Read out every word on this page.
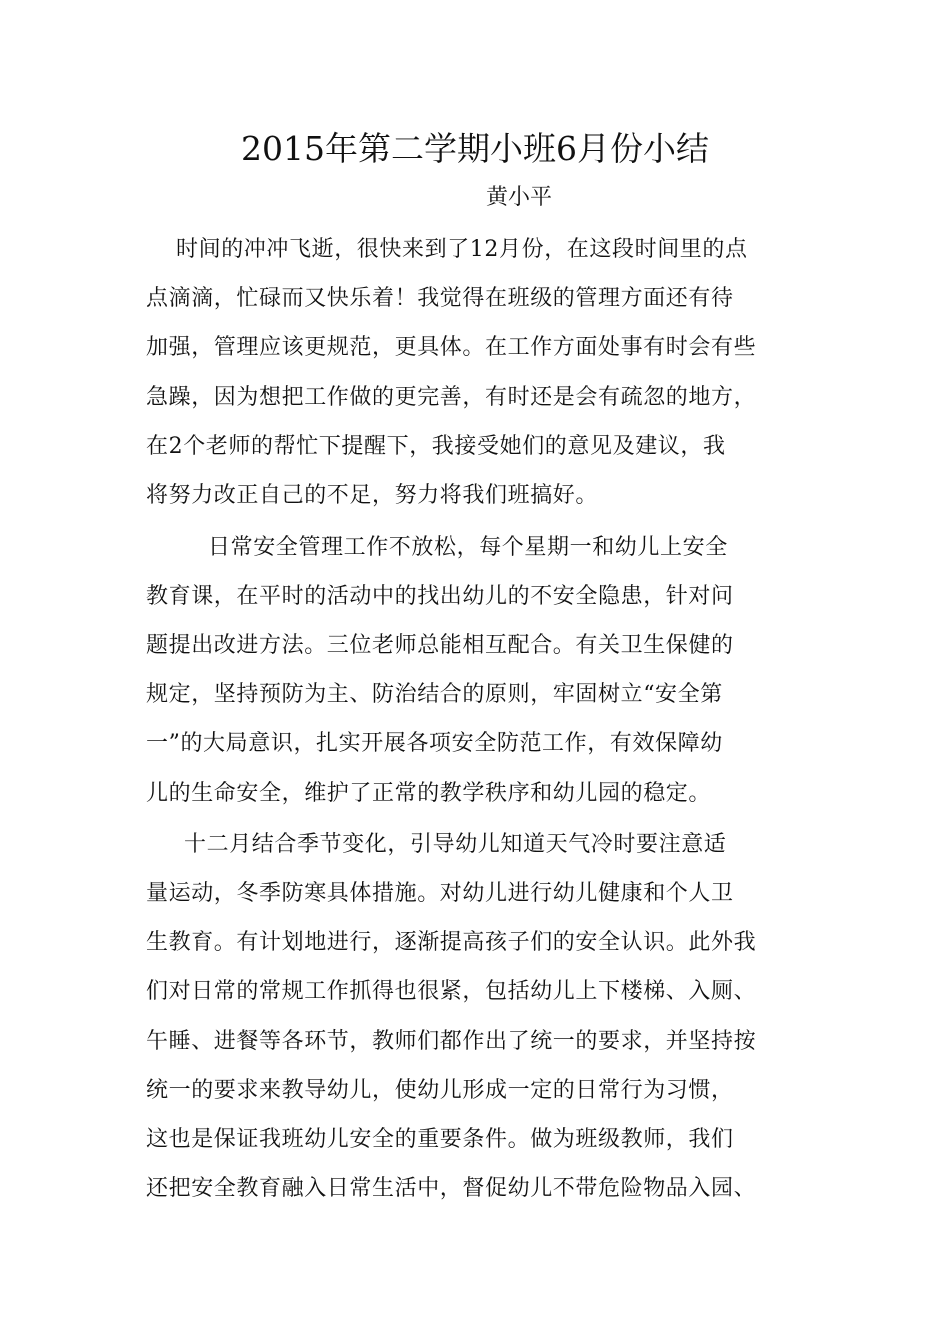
2015年第二学期小班6月份小结
黄小平
时间的冲冲飞逝，很快来到了12月份，在这段时间里的点
点滴滴，忙碌而又快乐着！我觉得在班级的管理方面还有待
加强，管理应该更规范，更具体。在工作方面处事有时会有些
急躁，因为想把工作做的更完善，有时还是会有疏忽的地方，
在2个老师的帮忙下提醒下，我接受她们的意见及建议，我
将努力改正自己的不足，努力将我们班搞好。
日常安全管理工作不放松，每个星期一和幼儿上安全
教育课，在平时的活动中的找出幼儿的不安全隐患，针对问
题提出改进方法。三位老师总能相互配合。有关卫生保健的
规定，坚持预防为主、防治结合的原则，牢固树立“安全第
一”的大局意识，扎实开展各项安全防范工作，有效保障幼
儿的生命安全，维护了正常的教学秩序和幼儿园的稳定。
十二月结合季节变化，引导幼儿知道天气冷时要注意适
量运动，冬季防寒具体措施。对幼儿进行幼儿健康和个人卫
生教育。有计划地进行，逐渐提高孩子们的安全认识。此外我
们对日常的常规工作抓得也很紧，包括幼儿上下楼梯、入厕、
午睡、进餐等各环节，教师们都作出了统一的要求，并坚持按
统一的要求来教导幼儿，使幼儿形成一定的日常行为习惯，
这也是保证我班幼儿安全的重要条件。做为班级教师，我们
还把安全教育融入日常生活中，督促幼儿不带危险物品入园、
